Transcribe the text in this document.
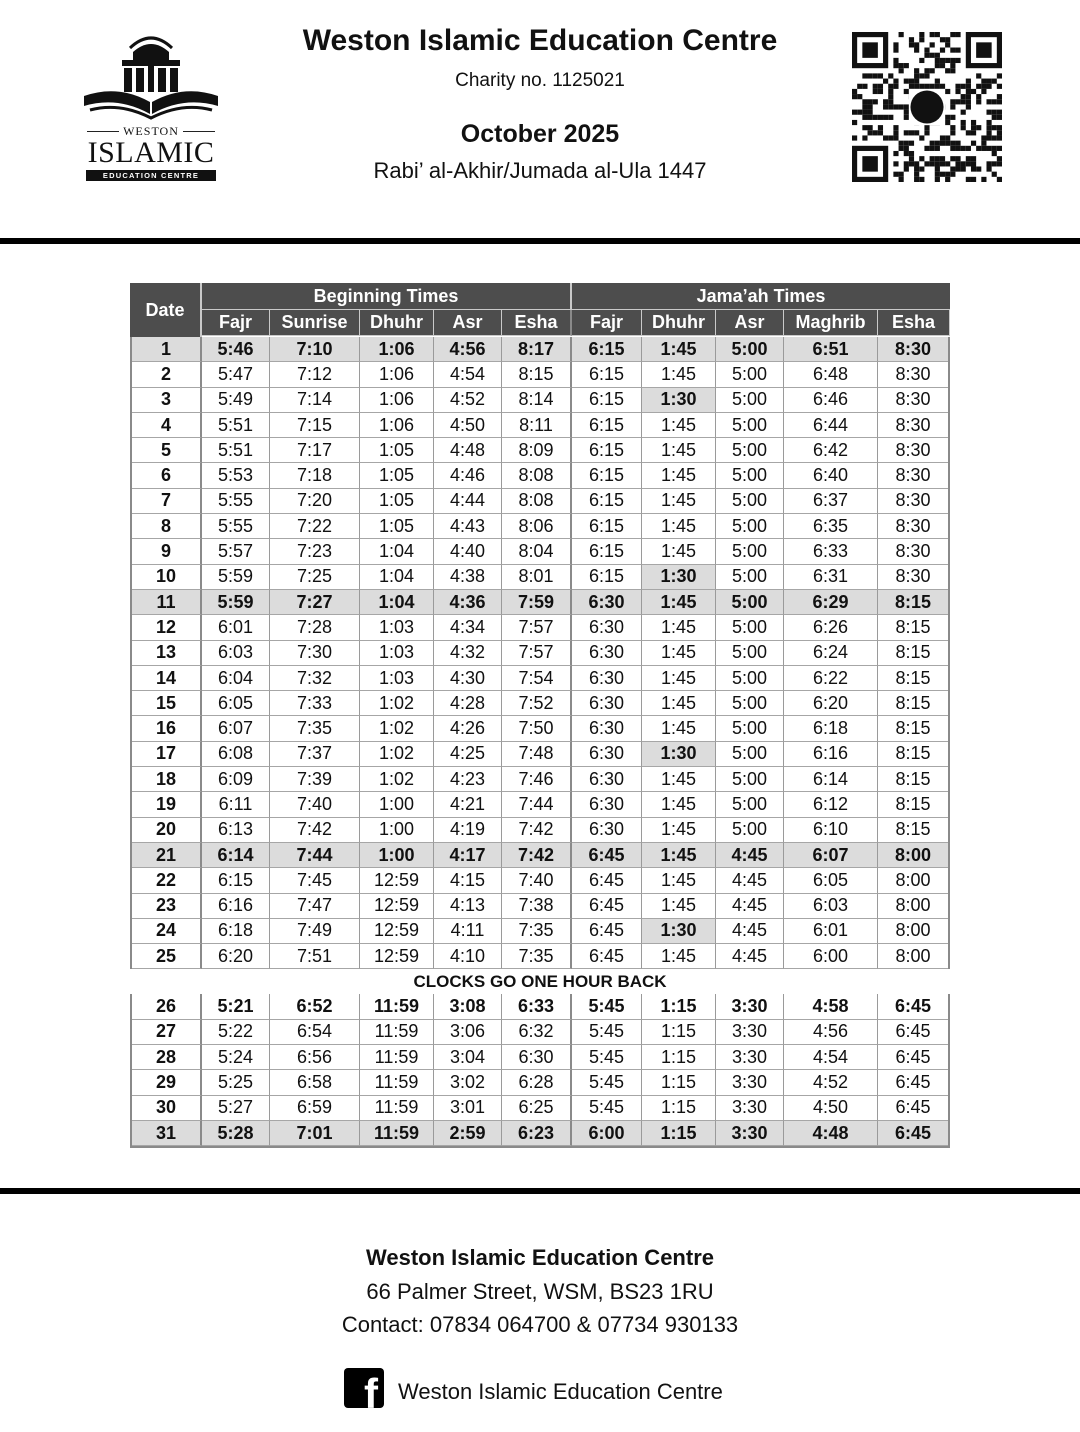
WESTON
ISLAMIC
EDUCATION CENTRE
Weston Islamic Education Centre
Charity no. 1125021
October 2025
Rabi’ al-Akhir/Jumada al-Ula 1447
Date
Beginning Times	Jama’ah Times
Fajr	Sunrise	Dhuhr	Asr	Esha	Fajr	Dhuhr	Asr	Maghrib	Esha
1	5:46	7:10	1:06	4:56	8:17	6:15	1:45	5:00	6:51	8:30
2	5:47	7:12	1:06	4:54	8:15	6:15	1:45	5:00	6:48	8:30
3	5:49	7:14	1:06	4:52	8:14	6:15	1:30	5:00	6:46	8:30
4	5:51	7:15	1:06	4:50	8:11	6:15	1:45	5:00	6:44	8:30
5	5:51	7:17	1:05	4:48	8:09	6:15	1:45	5:00	6:42	8:30
6	5:53	7:18	1:05	4:46	8:08	6:15	1:45	5:00	6:40	8:30
7	5:55	7:20	1:05	4:44	8:08	6:15	1:45	5:00	6:37	8:30
8	5:55	7:22	1:05	4:43	8:06	6:15	1:45	5:00	6:35	8:30
9	5:57	7:23	1:04	4:40	8:04	6:15	1:45	5:00	6:33	8:30
10	5:59	7:25	1:04	4:38	8:01	6:15	1:30	5:00	6:31	8:30
11	5:59	7:27	1:04	4:36	7:59	6:30	1:45	5:00	6:29	8:15
12	6:01	7:28	1:03	4:34	7:57	6:30	1:45	5:00	6:26	8:15
13	6:03	7:30	1:03	4:32	7:57	6:30	1:45	5:00	6:24	8:15
14	6:04	7:32	1:03	4:30	7:54	6:30	1:45	5:00	6:22	8:15
15	6:05	7:33	1:02	4:28	7:52	6:30	1:45	5:00	6:20	8:15
16	6:07	7:35	1:02	4:26	7:50	6:30	1:45	5:00	6:18	8:15
17	6:08	7:37	1:02	4:25	7:48	6:30	1:30	5:00	6:16	8:15
18	6:09	7:39	1:02	4:23	7:46	6:30	1:45	5:00	6:14	8:15
19	6:11	7:40	1:00	4:21	7:44	6:30	1:45	5:00	6:12	8:15
20	6:13	7:42	1:00	4:19	7:42	6:30	1:45	5:00	6:10	8:15
21	6:14	7:44	1:00	4:17	7:42	6:45	1:45	4:45	6:07	8:00
22	6:15	7:45	12:59	4:15	7:40	6:45	1:45	4:45	6:05	8:00
23	6:16	7:47	12:59	4:13	7:38	6:45	1:45	4:45	6:03	8:00
24	6:18	7:49	12:59	4:11	7:35	6:45	1:30	4:45	6:01	8:00
25	6:20	7:51	12:59	4:10	7:35	6:45	1:45	4:45	6:00	8:00
CLOCKS GO ONE HOUR BACK
26	5:21	6:52	11:59	3:08	6:33	5:45	1:15	3:30	4:58	6:45
27	5:22	6:54	11:59	3:06	6:32	5:45	1:15	3:30	4:56	6:45
28	5:24	6:56	11:59	3:04	6:30	5:45	1:15	3:30	4:54	6:45
29	5:25	6:58	11:59	3:02	6:28	5:45	1:15	3:30	4:52	6:45
30	5:27	6:59	11:59	3:01	6:25	5:45	1:15	3:30	4:50	6:45
31	5:28	7:01	11:59	2:59	6:23	6:00	1:15	3:30	4:48	6:45
Weston Islamic Education Centre
66 Palmer Street, WSM, BS23 1RU
Contact: 07834 064700 & 07734 930133
f Weston Islamic Education Centre
